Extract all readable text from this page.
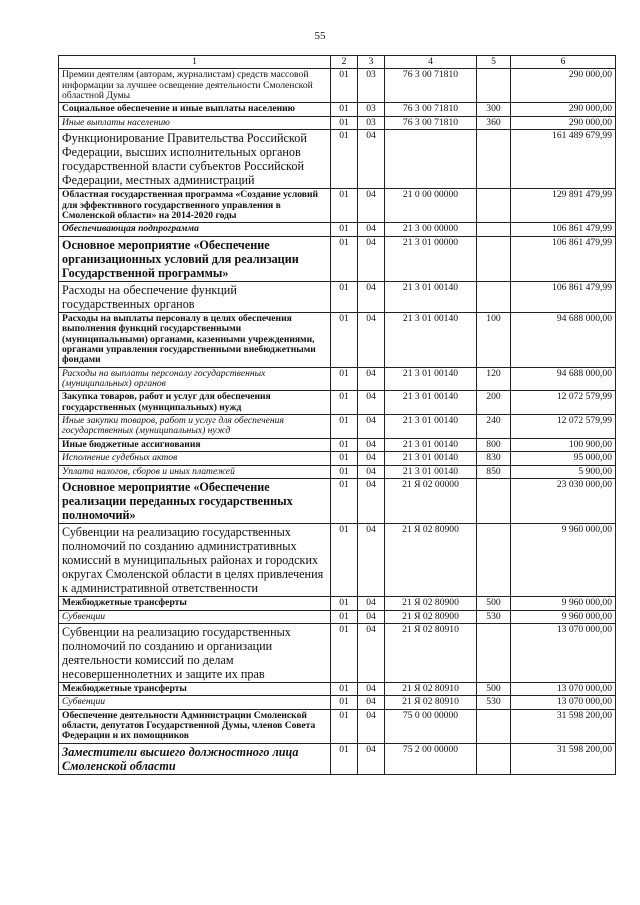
55
1	2	3	4	5	6
Премии деятелям (авторам, журналистам) средств массовой информации за лучшее освещение деятельности Смоленской областной Думы	01	03	76 3 00 71810		290 000,00
Социальное обеспечение и иные выплаты населению	01	03	76 3 00 71810	300	290 000,00
Иные выплаты населению	01	03	76 3 00 71810	360	290 000,00
Функционирование Правительства Российской Федерации, высших исполнительных органов государственной власти субъектов Российской Федерации, местных администраций	01	04			161 489 679,99
Областная государственная программа «Создание условий для эффективного государственного управления в Смоленской области» на 2014-2020 годы	01	04	21 0 00 00000		129 891 479,99
Обеспечивающая подпрограмма	01	04	21 3 00 00000		106 861 479,99
Основное мероприятие «Обеспечение организационных условий для реализации Государственной программы»	01	04	21 3 01 00000		106 861 479,99
Расходы на обеспечение функций государственных органов	01	04	21 3 01 00140		106 861 479,99
Расходы на выплаты персоналу в целях обеспечения выполнения функций государственными (муниципальными) органами, казенными учреждениями, органами управления государственными внебюджетными фондами	01	04	21 3 01 00140	100	94 688 000,00
Расходы на выплаты персоналу государственных (муниципальных) органов	01	04	21 3 01 00140	120	94 688 000,00
Закупка товаров, работ и услуг для обеспечения государственных (муниципальных) нужд	01	04	21 3 01 00140	200	12 072 579,99
Иные закупки товаров, работ и услуг для обеспечения государственных (муниципальных) нужд	01	04	21 3 01 00140	240	12 072 579,99
Иные бюджетные ассигнования	01	04	21 3 01 00140	800	100 900,00
Исполнение судебных актов	01	04	21 3 01 00140	830	95 000,00
Уплата налогов, сборов и иных платежей	01	04	21 3 01 00140	850	5 900,00
Основное мероприятие «Обеспечение реализации переданных государственных полномочий»	01	04	21 Я 02 00000		23 030 000,00
Субвенции на реализацию государственных полномочий по созданию административных комиссий в муниципальных районах и городских округах Смоленской области в целях привлечения к административной ответственности	01	04	21 Я 02 80900		9 960 000,00
Межбюджетные трансферты	01	04	21 Я 02 80900	500	9 960 000,00
Субвенции	01	04	21 Я 02 80900	530	9 960 000,00
Субвенции на реализацию государственных полномочий по созданию и организации деятельности комиссий по делам несовершеннолетних и защите их прав	01	04	21 Я 02 80910		13 070 000,00
Межбюджетные трансферты	01	04	21 Я 02 80910	500	13 070 000,00
Субвенции	01	04	21 Я 02 80910	530	13 070 000,00
Обеспечение деятельности Администрации Смоленской области, депутатов Государственной Думы, членов Совета Федерации и их помощников	01	04	75 0 00 00000		31 598 200,00
Заместители высшего должностного лица Смоленской области	01	04	75 2 00 00000		31 598 200,00
